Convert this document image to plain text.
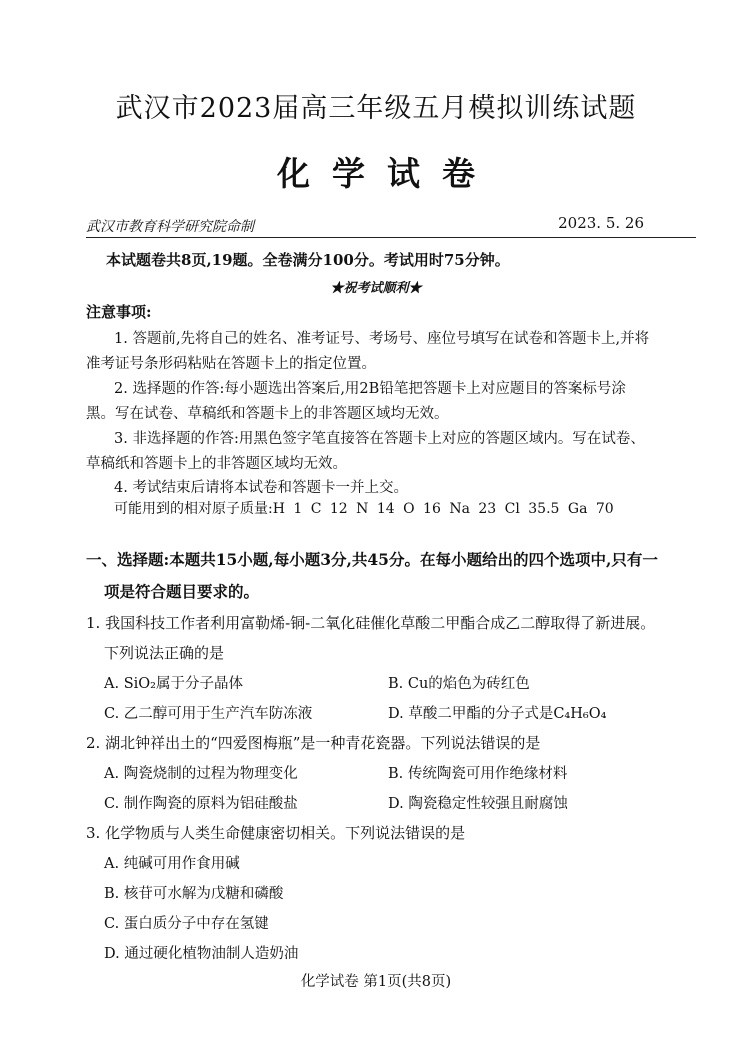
武汉市2023届高三年级五月模拟训练试题
化学试卷
武汉市教育科学研究院命制	2023. 5. 26
本试题卷共8页,19题。全卷满分100分。考试用时75分钟。
★祝考试顺利★
注意事项:
1. 答题前,先将自己的姓名、准考证号、考场号、座位号填写在试卷和答题卡上,并将
准考证号条形码粘贴在答题卡上的指定位置。
2. 选择题的作答:每小题选出答案后,用2B铅笔把答题卡上对应题目的答案标号涂
黑。写在试卷、草稿纸和答题卡上的非答题区域均无效。
3. 非选择题的作答:用黑色签字笔直接答在答题卡上对应的答题区域内。写在试卷、
草稿纸和答题卡上的非答题区域均无效。
4. 考试结束后请将本试卷和答题卡一并上交。
可能用到的相对原子质量:H 1 C 12 N 14 O 16 Na 23 Cl 35.5 Ga 70
一、选择题:本题共15小题,每小题3分,共45分。在每小题给出的四个选项中,只有一
项是符合题目要求的。
1. 我国科技工作者利用富勒烯-铜-二氧化硅催化草酸二甲酯合成乙二醇取得了新进展。
下列说法正确的是
A. SiO₂属于分子晶体	B. Cu的焰色为砖红色
C. 乙二醇可用于生产汽车防冻液	D. 草酸二甲酯的分子式是C₄H₆O₄
2. 湖北钟祥出土的“四爱图梅瓶”是一种青花瓷器。下列说法错误的是
A. 陶瓷烧制的过程为物理变化	B. 传统陶瓷可用作绝缘材料
C. 制作陶瓷的原料为铝硅酸盐	D. 陶瓷稳定性较强且耐腐蚀
3. 化学物质与人类生命健康密切相关。下列说法错误的是
A. 纯碱可用作食用碱
B. 核苷可水解为戊糖和磷酸
C. 蛋白质分子中存在氢键
D. 通过硬化植物油制人造奶油
化学试卷 第1页(共8页)
